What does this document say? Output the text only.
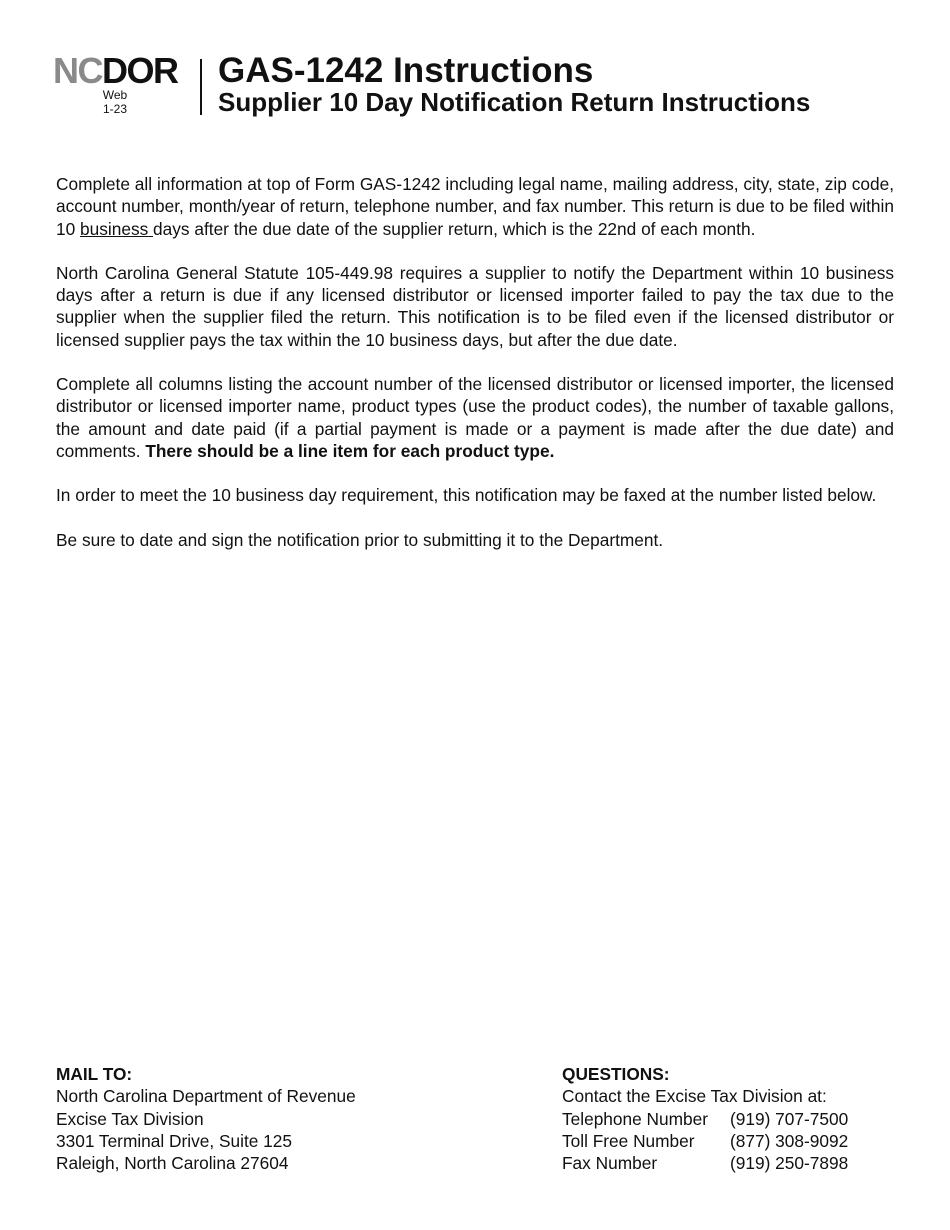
NCDOR
Web
1-23
GAS-1242 Instructions
Supplier 10 Day Notification Return Instructions

Complete all information at top of Form GAS-1242 including legal name, mailing address, city, state, zip code, account number, month/year of return, telephone number, and fax number. This return is due to be filed within 10 business days after the due date of the supplier return, which is the 22nd of each month.

North Carolina General Statute 105-449.98 requires a supplier to notify the Department within 10 business days after a return is due if any licensed distributor or licensed importer failed to pay the tax due to the supplier when the supplier filed the return. This notification is to be filed even if the licensed distributor or licensed supplier pays the tax within the 10 business days, but after the due date.

Complete all columns listing the account number of the licensed distributor or licensed importer, the licensed distributor or licensed importer name, product types (use the product codes), the number of taxable gallons, the amount and date paid (if a partial payment is made or a payment is made after the due date) and comments. There should be a line item for each product type.

In order to meet the 10 business day requirement, this notification may be faxed at the number listed below.

Be sure to date and sign the notification prior to submitting it to the Department.

MAIL TO:
North Carolina Department of Revenue
Excise Tax Division
3301 Terminal Drive, Suite 125
Raleigh, North Carolina 27604
QUESTIONS:
Contact the Excise Tax Division at:
Telephone Number	(919) 707-7500
Toll Free Number	(877) 308-9092
Fax Number	(919) 250-7898
